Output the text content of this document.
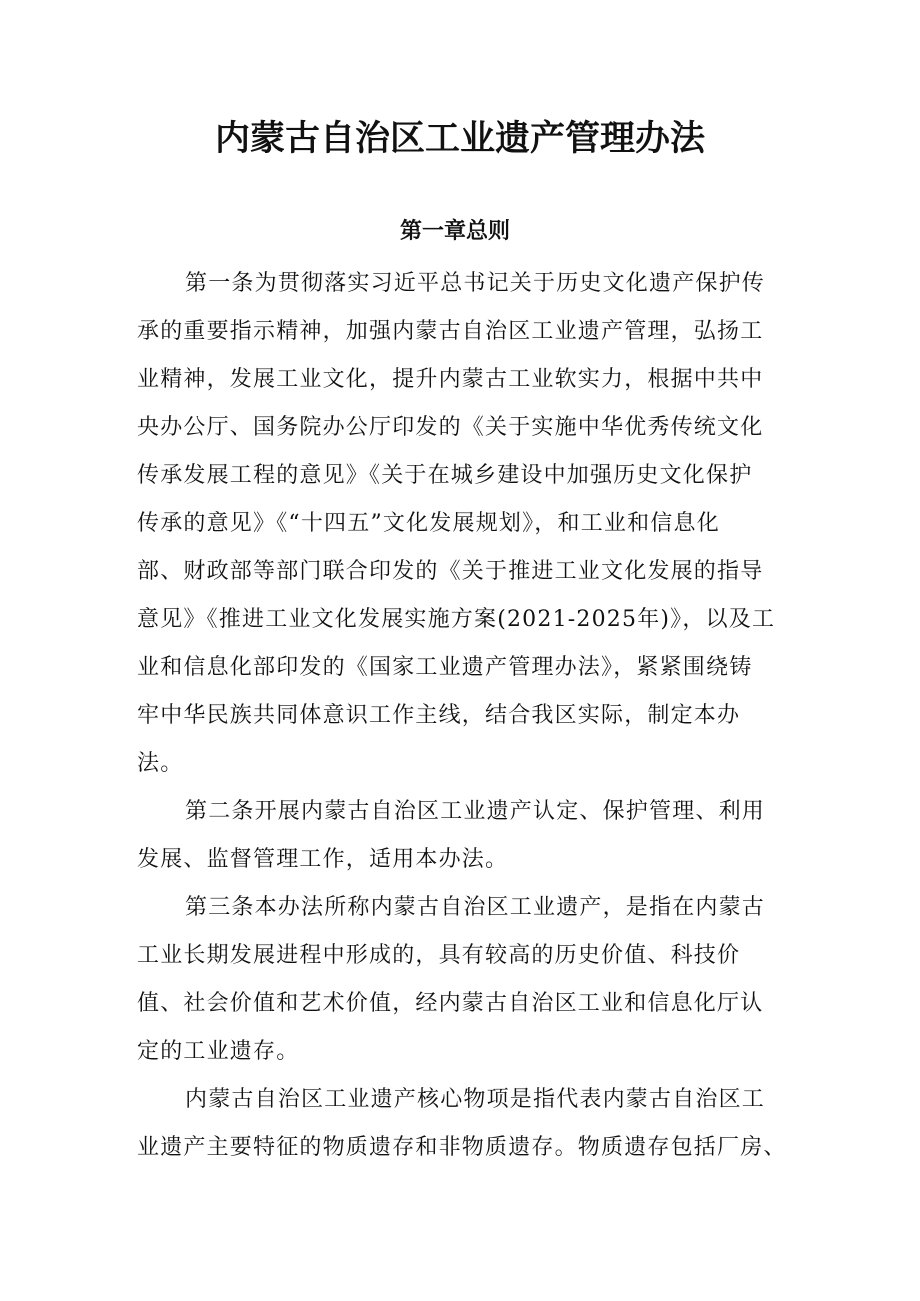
内蒙古自治区工业遗产管理办法
第一章总则
第一条为贯彻落实习近平总书记关于历史文化遗产保护传
承的重要指示精神，加强内蒙古自治区工业遗产管理，弘扬工
业精神，发展工业文化，提升内蒙古工业软实力，根据中共中
央办公厅、国务院办公厅印发的《关于实施中华优秀传统文化
传承发展工程的意见》《关于在城乡建设中加强历史文化保护
传承的意见》《“十四五”文化发展规划》，和工业和信息化
部、财政部等部门联合印发的《关于推进工业文化发展的指导
意见》《推进工业文化发展实施方案(2021-2025年)》，以及工
业和信息化部印发的《国家工业遗产管理办法》，紧紧围绕铸
牢中华民族共同体意识工作主线，结合我区实际，制定本办
法。
第二条开展内蒙古自治区工业遗产认定、保护管理、利用
发展、监督管理工作，适用本办法。
第三条本办法所称内蒙古自治区工业遗产，是指在内蒙古
工业长期发展进程中形成的，具有较高的历史价值、科技价
值、社会价值和艺术价值，经内蒙古自治区工业和信息化厅认
定的工业遗存。
内蒙古自治区工业遗产核心物项是指代表内蒙古自治区工
业遗产主要特征的物质遗存和非物质遗存。物质遗存包括厂房、
